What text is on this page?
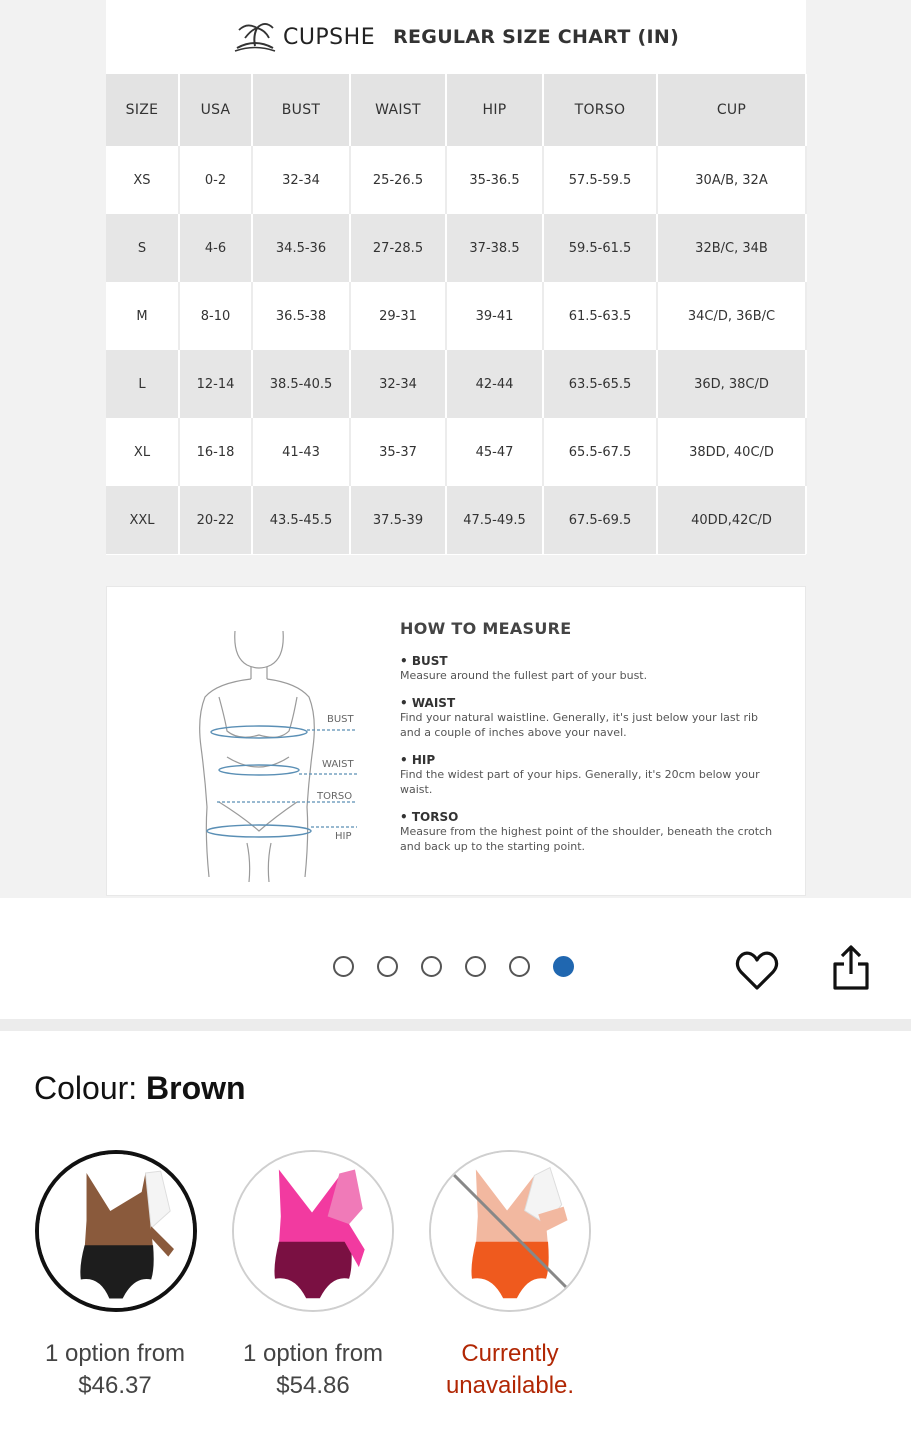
CUPSHE REGULAR SIZE CHART (IN)
SIZE	USA	BUST	WAIST	HIP	TORSO	CUP
XS	0-2	32-34	25-26.5	35-36.5	57.5-59.5	30A/B, 32A
S	4-6	34.5-36	27-28.5	37-38.5	59.5-61.5	32B/C, 34B
M	8-10	36.5-38	29-31	39-41	61.5-63.5	34C/D, 36B/C
L	12-14	38.5-40.5	32-34	42-44	63.5-65.5	36D, 38C/D
XL	16-18	41-43	35-37	45-47	65.5-67.5	38DD, 40C/D
XXL	20-22	43.5-45.5	37.5-39	47.5-49.5	67.5-69.5	40DD,42C/D
BUST
WAIST
TORSO
HIP
HOW TO MEASURE
• BUST
Measure around the fullest part of your bust.
• WAIST
Find your natural waistline. Generally, it's just below your last rib and a couple of inches above your navel.
• HIP
Find the widest part of your hips. Generally, it's 20cm below your waist.
• TORSO
Measure from the highest point of the shoulder, beneath the crotch and back up to the starting point.
Colour: Brown
1 option from
$46.37
1 option from
$54.86
Currently
unavailable.
